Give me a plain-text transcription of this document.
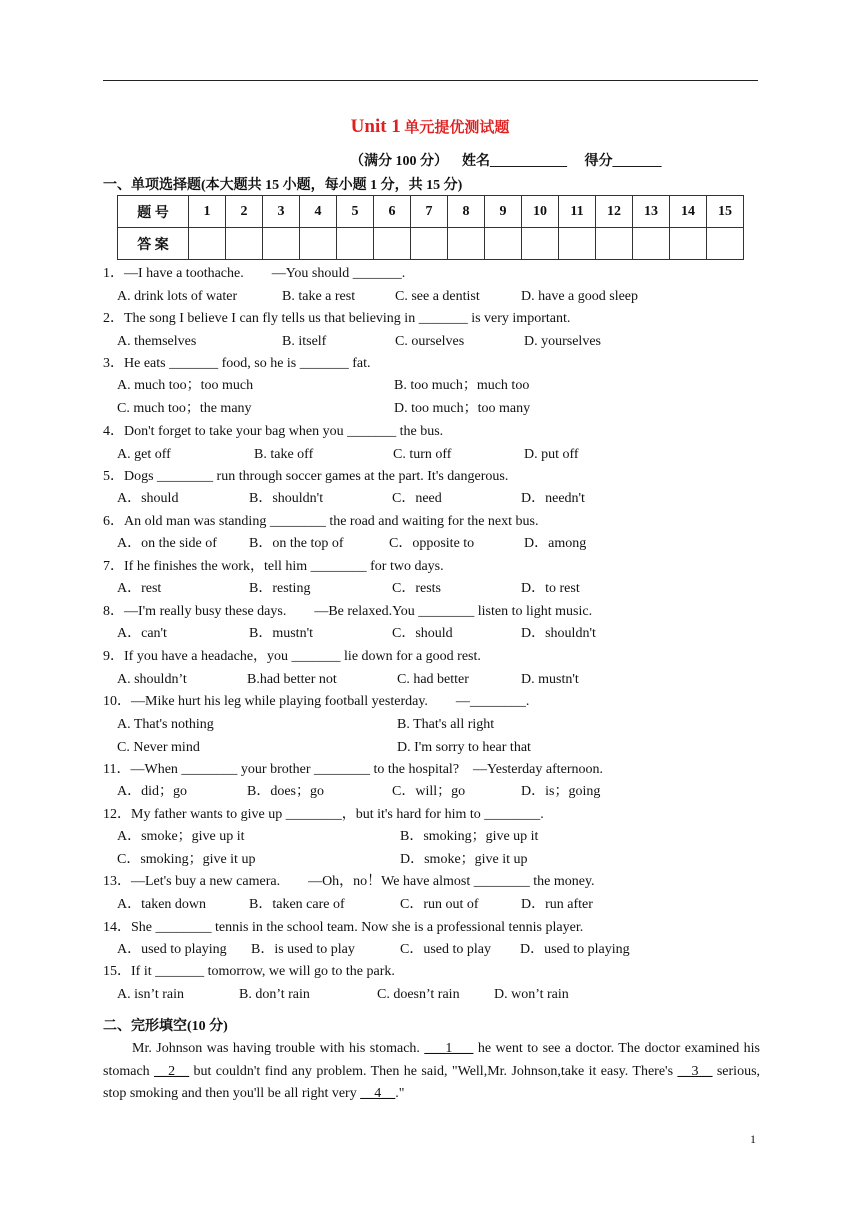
Unit 1 单元提优测试题
（满分 100 分）    姓名___________     得分_______
一、单项选择题(本大题共 15 小题，每小题 1 分，共 15 分)
题 号	1	2	3	4	5	6	7	8	9	10	11	12	13	14	15
答 案															
1．—I have a toothache.        —You should _______.
A. drink lots of water	B. take a rest	C. see a dentist	D. have a good sleep
2．The song I believe I can fly tells us that believing in _______ is very important.
A. themselves	B. itself	C. ourselves	D. yourselves
3．He eats _______ food, so he is _______ fat.
A. much too；too much	B. too much；much too
C. much too；the many	D. too much；too many
4．Don't forget to take your bag when you _______ the bus.
A. get off	B. take off	C. turn off	D. put off
5．Dogs ________ run through soccer games at the part. It's dangerous.
A．should	B．shouldn't	C．need	D．needn't
6．An old man was standing ________ the road and waiting for the next bus.
A．on the side of B．on the top of	C．opposite to	D．among
7．If he finishes the work，tell him ________ for two days.
A．rest	B．resting	C．rests	D．to rest
8．—I'm really busy these days.        —Be relaxed.You ________ listen to light music.
A．can't	B．mustn't	C．should	D．shouldn't
9．If you have a headache，you _______ lie down for a good rest.
A. shouldn’t	B.had better not	C. had better	D. mustn't
10．—Mike hurt his leg while playing football yesterday.        —________.
A. That's nothing	B. That's all right
C. Never mind	D. I'm sorry to hear that
11．—When ________ your brother ________ to the hospital?    —Yesterday afternoon.
A．did；go	B．does；go	C．will；go	D．is；going
12．My father wants to give up ________，but it's hard for him to ________.
A．smoke；give up it	B．smoking；give up it
C．smoking；give it up	D．smoke；give it up
13．—Let's buy a new camera.        —Oh，no！We have almost ________ the money.
A．taken down	B．taken care of	C．run out of	D．run after
14．She ________ tennis in the school team. Now she is a professional tennis player.
A．used to playing B．is used to play	C．used to play D．used to playing
15．If it _______ tomorrow, we will go to the park.
A. isn’t rain	B. don’t rain	C. doesn’t rain D. won’t rain
二、完形填空(10 分)
Mr. Johnson was having trouble with his stomach. ___1___ he went to see a doctor. The doctor examined his stomach __2__ but couldn't find any problem. Then he said, "Well,Mr. Johnson,take it easy. There's __3__ serious, stop smoking and then you'll be all right very __4__."
1
